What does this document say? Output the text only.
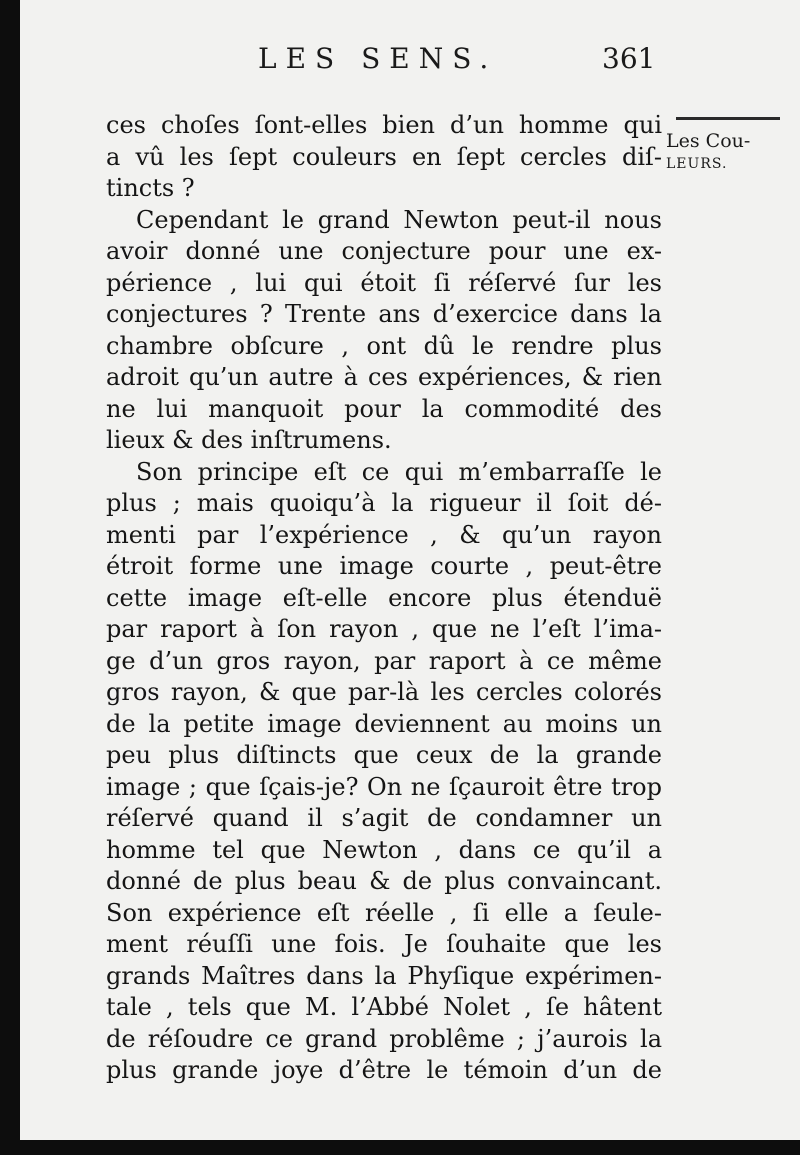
LES SENS.	361
Les Cou-
LEURS.
ces choſes ſont-elles bien d’un homme qui
a vû les ſept couleurs en ſept cercles diſ-
tincts ?
Cependant le grand Newton peut-il nous
avoir donné une conjecture pour une ex-
périence , lui qui étoit ſi réſervé ſur les
conjectures ? Trente ans d’exercice dans la
chambre obſcure , ont dû le rendre plus
adroit qu’un autre à ces expériences, & rien
ne lui manquoit pour la commodité des
lieux & des inſtrumens.
Son principe eſt ce qui m’embarraſſe le
plus ; mais quoiqu’à la rigueur il ſoit dé-
menti par l’expérience , & qu’un rayon
étroit forme une image courte , peut-être
cette image eſt-elle encore plus étenduë
par raport à ſon rayon , que ne l’eſt l’ima-
ge d’un gros rayon, par raport à ce même
gros rayon, & que par-là les cercles colorés
de la petite image deviennent au moins un
peu plus diſtincts que ceux de la grande
image ; que ſçais-je? On ne ſçauroit être trop
réſervé quand il s’agit de condamner un
homme tel que Newton , dans ce qu’il a
donné de plus beau & de plus convaincant.
Son expérience eſt réelle , ſi elle a ſeule-
ment réuſſi une fois. Je ſouhaite que les
grands Maîtres dans la Phyſique expérimen-
tale , tels que M. l’Abbé Nolet , ſe hâtent
de réſoudre ce grand problême ; j’aurois la
plus grande joye d’être le témoin d’un de
